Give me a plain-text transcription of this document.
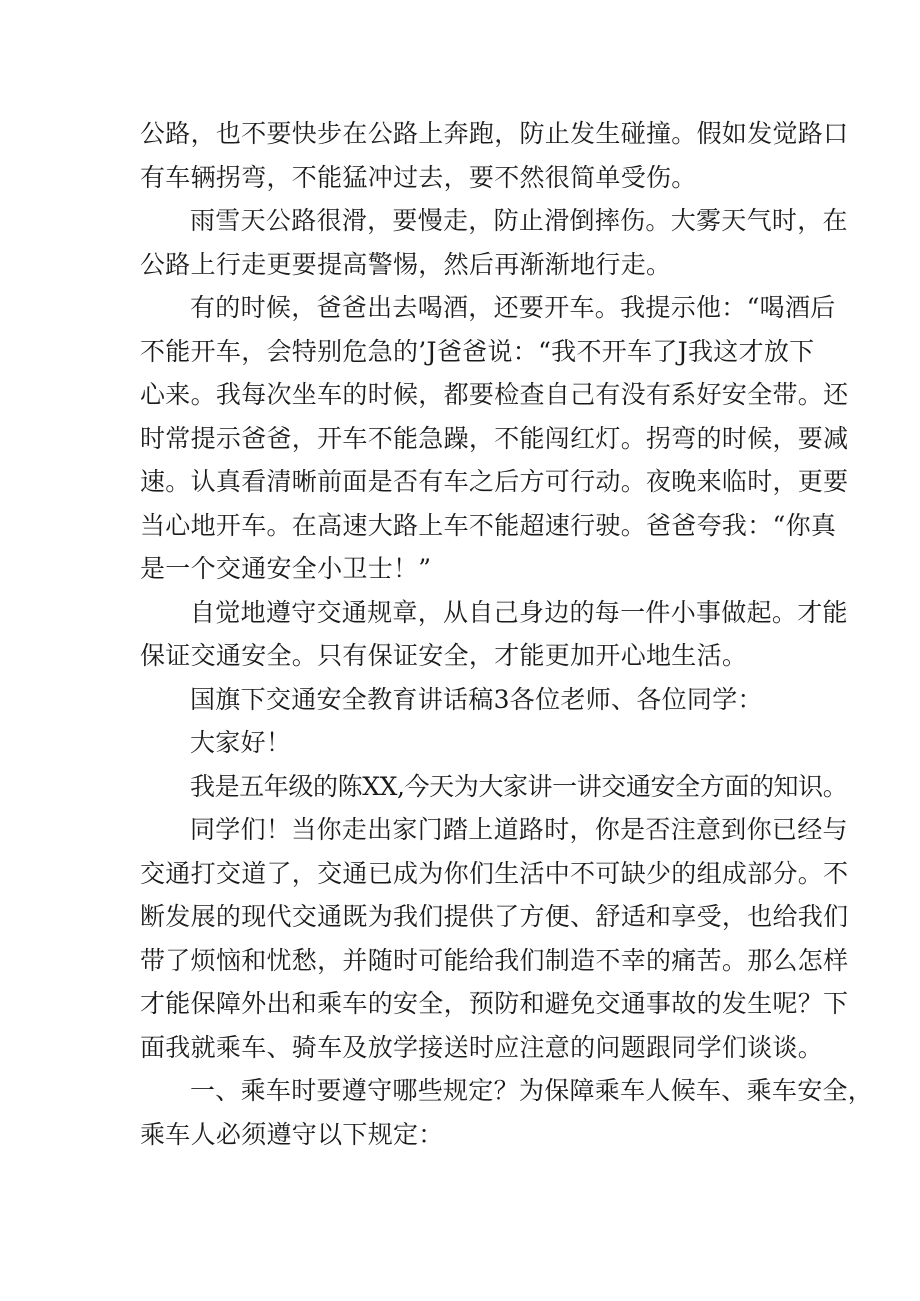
公路，也不要快步在公路上奔跑，防止发生碰撞。假如发觉路口
有车辆拐弯，不能猛冲过去，要不然很简单受伤。
雨雪天公路很滑，要慢走，防止滑倒摔伤。大雾天气时，在
公路上行走更要提高警惕，然后再渐渐地行走。
有的时候，爸爸出去喝酒，还要开车。我提示他：“喝酒后
不能开车，会特别危急的’J爸爸说：“我不开车了J我这才放下
心来。我每次坐车的时候，都要检查自己有没有系好安全带。还
时常提示爸爸，开车不能急躁，不能闯红灯。拐弯的时候，要减
速。认真看清晰前面是否有车之后方可行动。夜晚来临时，更要
当心地开车。在高速大路上车不能超速行驶。爸爸夸我：“你真
是一个交通安全小卫士！”
自觉地遵守交通规章，从自己身边的每一件小事做起。才能
保证交通安全。只有保证安全，才能更加开心地生活。
国旗下交通安全教育讲话稿3各位老师、各位同学：
大家好！
我是五年级的陈XX,今天为大家讲一讲交通安全方面的知识。
同学们！当你走出家门踏上道路时，你是否注意到你已经与
交通打交道了，交通已成为你们生活中不可缺少的组成部分。不
断发展的现代交通既为我们提供了方便、舒适和享受，也给我们
带了烦恼和忧愁，并随时可能给我们制造不幸的痛苦。那么怎样
才能保障外出和乘车的安全，预防和避免交通事故的发生呢？下
面我就乘车、骑车及放学接送时应注意的问题跟同学们谈谈。
一、乘车时要遵守哪些规定？为保障乘车人候车、乘车安全，
乘车人必须遵守以下规定：
